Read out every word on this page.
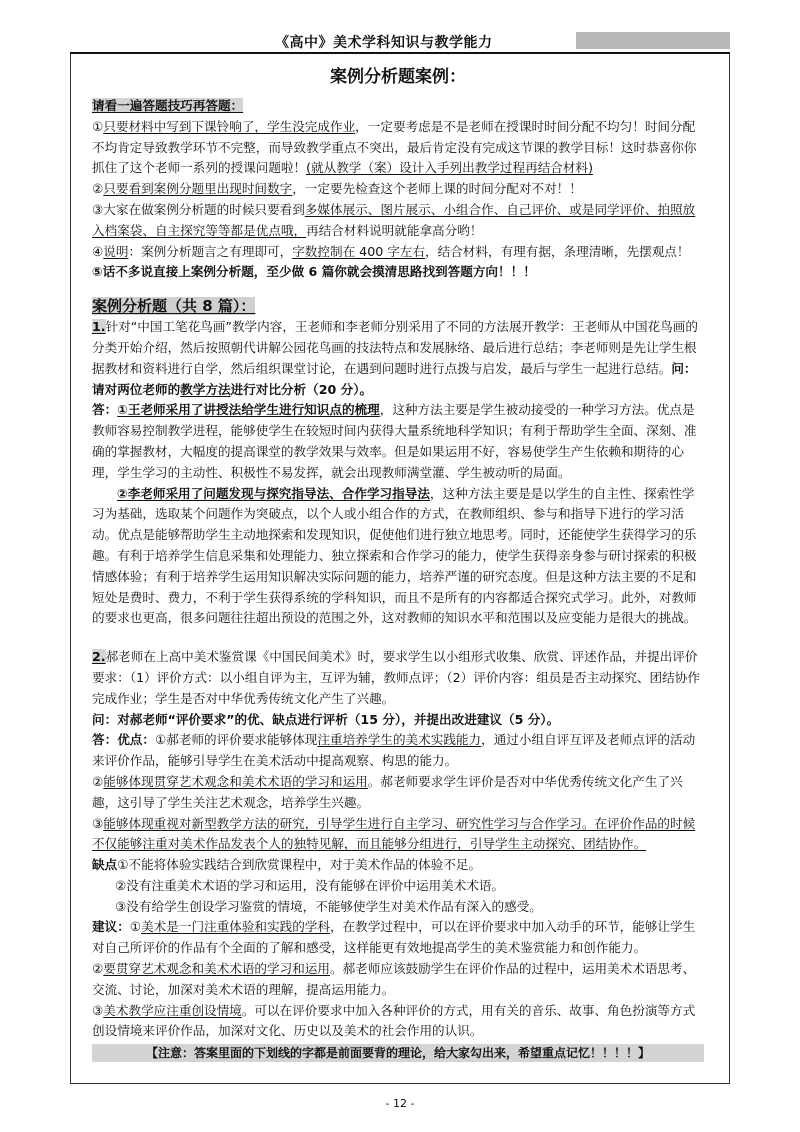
《高中》美术学科知识与教学能力

案例分析题案例：

请看一遍答题技巧再答题：

①只要材料中写到下课铃响了，学生没完成作业，一定要考虑是不是老师在授课时时间分配不均匀！时间分配不均肯定导致教学环节不完整，而导致教学重点不突出，最后肯定没有完成这节课的教学目标！这时恭喜你你抓住了这个老师一系列的授课问题啦！(就从教学（案）设计入手列出教学过程再结合材料)

②只要看到案例分题里出现时间数字，一定要先检查这个老师上课的时间分配对不对！！

③大家在做案例分析题的时候只要看到多媒体展示、图片展示、小组合作、自己评价、或是同学评价、拍照放入档案袋、自主探究等等都是优点哦，再结合材料说明就能拿高分哟！

④说明：案例分析题言之有理即可，字数控制在 400 字左右，结合材料，有理有据，条理清晰，先摆观点！

⑤话不多说直接上案例分析题，至少做 6 篇你就会摸清思路找到答题方向！！！

案例分析题（共 8 篇）：

1.针对“中国工笔花鸟画”教学内容，王老师和李老师分别采用了不同的方法展开教学：王老师从中国花鸟画的分类开始介绍，然后按照朝代讲解公园花鸟画的技法特点和发展脉络、最后进行总结；李老师则是先让学生根据教材和资料进行自学，然后组织课堂讨论，在遇到问题时进行点拨与启发，最后与学生一起进行总结。问：请对两位老师的教学方法进行对比分析（20 分）。

答：①王老师采用了讲授法给学生进行知识点的梳理，这种方法主要是学生被动接受的一种学习方法。优点是教师容易控制教学进程，能够使学生在较短时间内获得大量系统地科学知识；有利于帮助学生全面、深刻、准确的掌握教材，大幅度的提高课堂的教学效果与效率。但是如果运用不好，容易使学生产生依赖和期待的心理，学生学习的主动性、积极性不易发挥，就会出现教师满堂灌、学生被动听的局面。

②李老师采用了问题发现与探究指导法、合作学习指导法，这种方法主要是是以学生的自主性、探索性学习为基础，选取某个问题作为突破点，以个人或小组合作的方式，在教师组织、参与和指导下进行的学习活动。优点是能够帮助学生主动地探索和发现知识，促使他们进行独立地思考。同时，还能使学生获得学习的乐趣。有利于培养学生信息采集和处理能力、独立探索和合作学习的能力，使学生获得亲身参与研讨探索的积极情感体验；有利于培养学生运用知识解决实际问题的能力，培养严谨的研究态度。但是这种方法主要的不足和短处是费时、费力，不利于学生获得系统的学科知识，而且不是所有的内容都适合探究式学习。此外，对教师的要求也更高，很多问题往往超出预设的范围之外，这对教师的知识水平和范围以及应变能力是很大的挑战。

2.郝老师在上高中美术鉴赏课《中国民间美术》时，要求学生以小组形式收集、欣赏、评述作品，并提出评价要求：（1）评价方式：以小组自评为主，互评为辅，教师点评；（2）评价内容：组员是否主动探究、团结协作完成作业；学生是否对中华优秀传统文化产生了兴趣。

问：对郝老师“评价要求”的优、缺点进行评析（15 分），并提出改进建议（5 分）。

答：优点：①郝老师的评价要求能够体现注重培养学生的美术实践能力，通过小组自评互评及老师点评的活动来评价作品，能够引导学生在美术活动中提高观察、构思的能力。

②能够体现贯穿艺术观念和美术术语的学习和运用。郝老师要求学生评价是否对中华优秀传统文化产生了兴趣，这引导了学生关注艺术观念，培养学生兴趣。

③能够体现重视对新型教学方法的研究，引导学生进行自主学习、研究性学习与合作学习。在评价作品的时候不仅能够注重对美术作品发表个人的独特见解，而且能够分组进行，引导学生主动探究、团结协作。

缺点①不能将体验实践结合到欣赏课程中，对于美术作品的体验不足。

②没有注重美术术语的学习和运用，没有能够在评价中运用美术术语。

③没有给学生创设学习鉴赏的情境，不能够使学生对美术作品有深入的感受。

建议：①美术是一门注重体验和实践的学科，在教学过程中，可以在评价要求中加入动手的环节，能够让学生对自己所评价的作品有个全面的了解和感受，这样能更有效地提高学生的美术鉴赏能力和创作能力。

②要贯穿艺术观念和美术术语的学习和运用。郝老师应该鼓励学生在评价作品的过程中，运用美术术语思考、交流、讨论，加深对美术术语的理解，提高运用能力。

③美术教学应注重创设情境。可以在评价要求中加入各种评价的方式，用有关的音乐、故事、角色扮演等方式创设情境来评价作品，加深对文化、历史以及美术的社会作用的认识。

【注意：答案里面的下划线的字都是前面要背的理论，给大家勾出来，希望重点记忆！！！！】

- 12 -
